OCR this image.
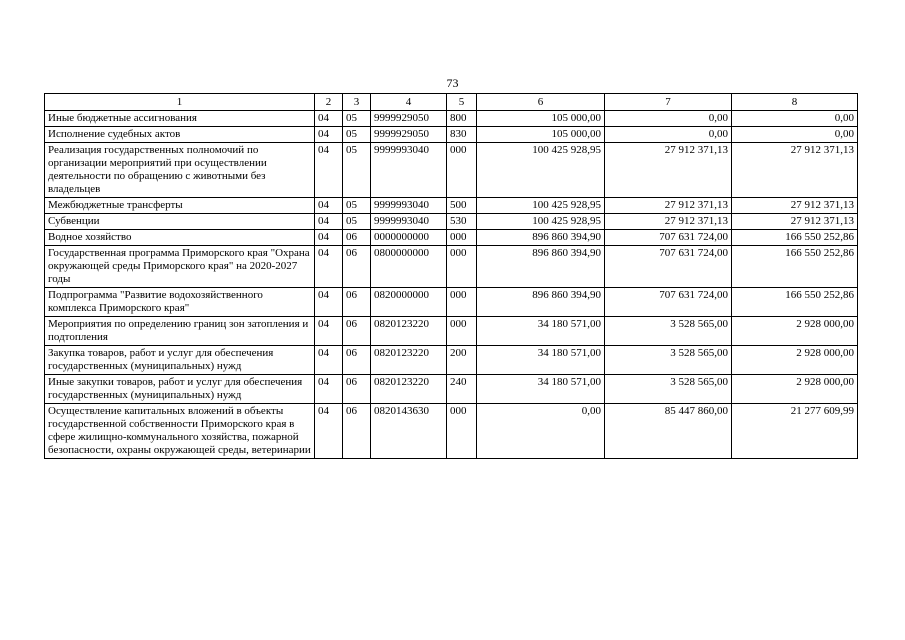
73
1	2	3	4	5	6	7	8
Иные бюджетные ассигнования	04	05	9999929050	800	105 000,00	0,00	0,00
Исполнение судебных актов	04	05	9999929050	830	105 000,00	0,00	0,00
Реализация государственных полномочий по организации мероприятий при осуществлении деятельности по обращению с животными без владельцев	04	05	9999993040	000	100 425 928,95	27 912 371,13	27 912 371,13
Межбюджетные трансферты	04	05	9999993040	500	100 425 928,95	27 912 371,13	27 912 371,13
Субвенции	04	05	9999993040	530	100 425 928,95	27 912 371,13	27 912 371,13
Водное хозяйство	04	06	0000000000	000	896 860 394,90	707 631 724,00	166 550 252,86
Государственная программа Приморского края "Охрана окружающей среды Приморского края" на 2020-2027 годы	04	06	0800000000	000	896 860 394,90	707 631 724,00	166 550 252,86
Подпрограмма "Развитие водохозяйственного комплекса Приморского края"	04	06	0820000000	000	896 860 394,90	707 631 724,00	166 550 252,86
Мероприятия по определению границ зон затопления и подтопления	04	06	0820123220	000	34 180 571,00	3 528 565,00	2 928 000,00
Закупка товаров, работ и услуг для обеспечения государственных (муниципальных) нужд	04	06	0820123220	200	34 180 571,00	3 528 565,00	2 928 000,00
Иные закупки товаров, работ и услуг для обеспечения государственных (муниципальных) нужд	04	06	0820123220	240	34 180 571,00	3 528 565,00	2 928 000,00
Осуществление капитальных вложений в объекты государственной собственности Приморского края в сфере жилищно-коммунального хозяйства, пожарной безопасности, охраны окружающей среды, ветеринарии	04	06	0820143630	000	0,00	85 447 860,00	21 277 609,99
